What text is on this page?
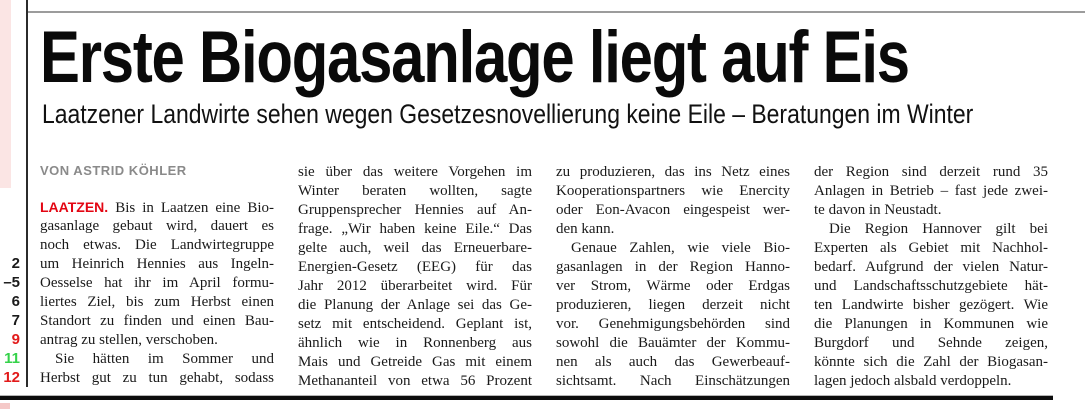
Erste Biogasanlage liegt auf Eis
Laatzener Landwirte sehen wegen Gesetzesnovellierung keine Eile – Beratungen im Winter
2
–5
6
7
9
11
12
VON ASTRID KÖHLER
LAATZEN. Bis in Laatzen eine Bio-
gasanlage gebaut wird, dauert es
noch etwas. Die Landwirtegruppe
um Heinrich Hennies aus Ingeln-
Oesselse hat ihr im April formu-
liertes Ziel, bis zum Herbst einen
Standort zu finden und einen Bau-
antrag zu stellen, verschoben.
Sie hätten im Sommer und
Herbst gut zu tun gehabt, sodass
sie über das weitere Vorgehen im
Winter beraten wollten, sagte
Gruppensprecher Hennies auf An-
frage. „Wir haben keine Eile.“ Das
gelte auch, weil das Erneuerbare-
Energien-Gesetz (EEG) für das
Jahr 2012 überarbeitet wird. Für
die Planung der Anlage sei das Ge-
setz mit entscheidend. Geplant ist,
ähnlich wie in Ronnenberg aus
Mais und Getreide Gas mit einem
Methananteil von etwa 56 Prozent
zu produzieren, das ins Netz eines
Kooperationspartners wie Enercity
oder Eon-Avacon eingespeist wer-
den kann.
Genaue Zahlen, wie viele Bio-
gasanlagen in der Region Hanno-
ver Strom, Wärme oder Erdgas
produzieren, liegen derzeit nicht
vor. Genehmigungsbehörden sind
sowohl die Bauämter der Kommu-
nen als auch das Gewerbeauf-
sichtsamt. Nach Einschätzungen
der Region sind derzeit rund 35
Anlagen in Betrieb – fast jede zwei-
te davon in Neustadt.
Die Region Hannover gilt bei
Experten als Gebiet mit Nachhol-
bedarf. Aufgrund der vielen Natur-
und Landschaftsschutzgebiete hät-
ten Landwirte bisher gezögert. Wie
die Planungen in Kommunen wie
Burgdorf und Sehnde zeigen,
könnte sich die Zahl der Biogasan-
lagen jedoch alsbald verdoppeln.
